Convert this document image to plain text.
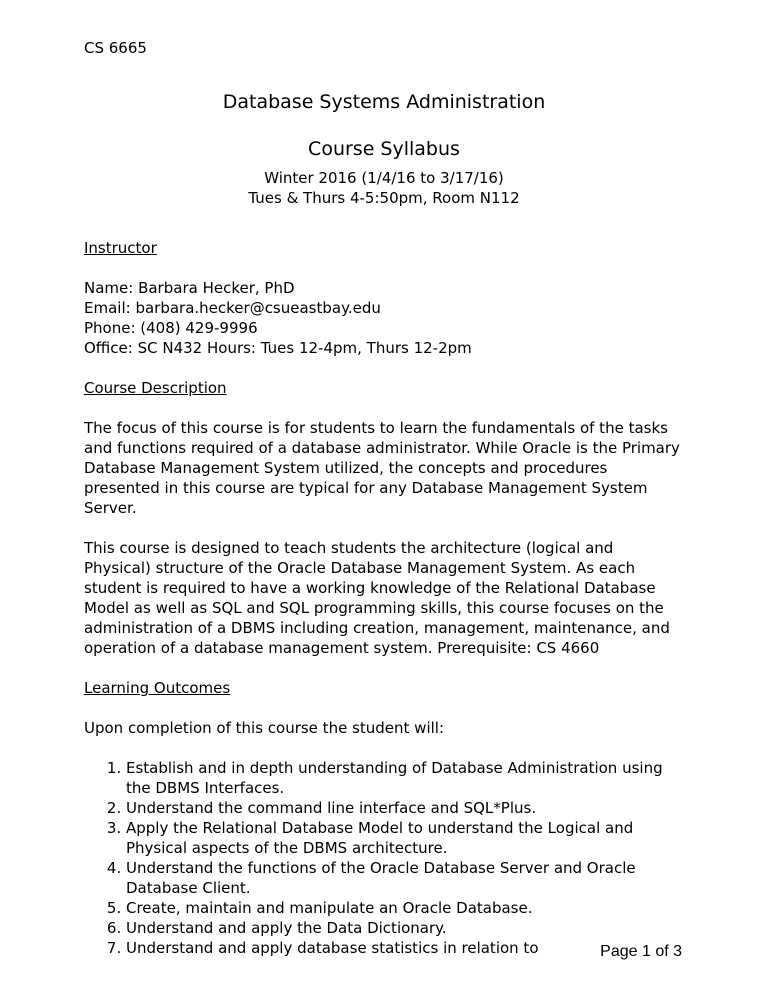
CS 6665
Database Systems Administration
Course Syllabus
Winter 2016 (1/4/16 to 3/17/16)
Tues & Thurs 4-5:50pm, Room N112
Instructor
Name: Barbara Hecker, PhD
Email: barbara.hecker@csueastbay.edu
Phone: (408) 429-9996
Office: SC N432 Hours: Tues 12-4pm, Thurs 12-2pm
Course Description

The focus of this course is for students to learn the fundamentals of the tasks and functions required of a database administrator. While Oracle is the Primary Database Management System utilized, the concepts and procedures presented in this course are typical for any Database Management System Server.

This course is designed to teach students the architecture (logical and Physical) structure of the Oracle Database Management System. As each student is required to have a working knowledge of the Relational Database Model as well as SQL and SQL programming skills, this course focuses on the administration of a DBMS including creation, management, maintenance, and operation of a database management system. Prerequisite: CS 4660

Learning Outcomes

Upon completion of this course the student will:

1. Establish and in depth understanding of Database Administration using the DBMS Interfaces.
2. Understand the command line interface and SQL*Plus.
3. Apply the Relational Database Model to understand the Logical and Physical aspects of the DBMS architecture.
4. Understand the functions of the Oracle Database Server and Oracle Database Client.
5. Create, maintain and manipulate an Oracle Database.
6. Understand and apply the Data Dictionary.
7. Understand and apply database statistics in relation to	Page 1 of 3
